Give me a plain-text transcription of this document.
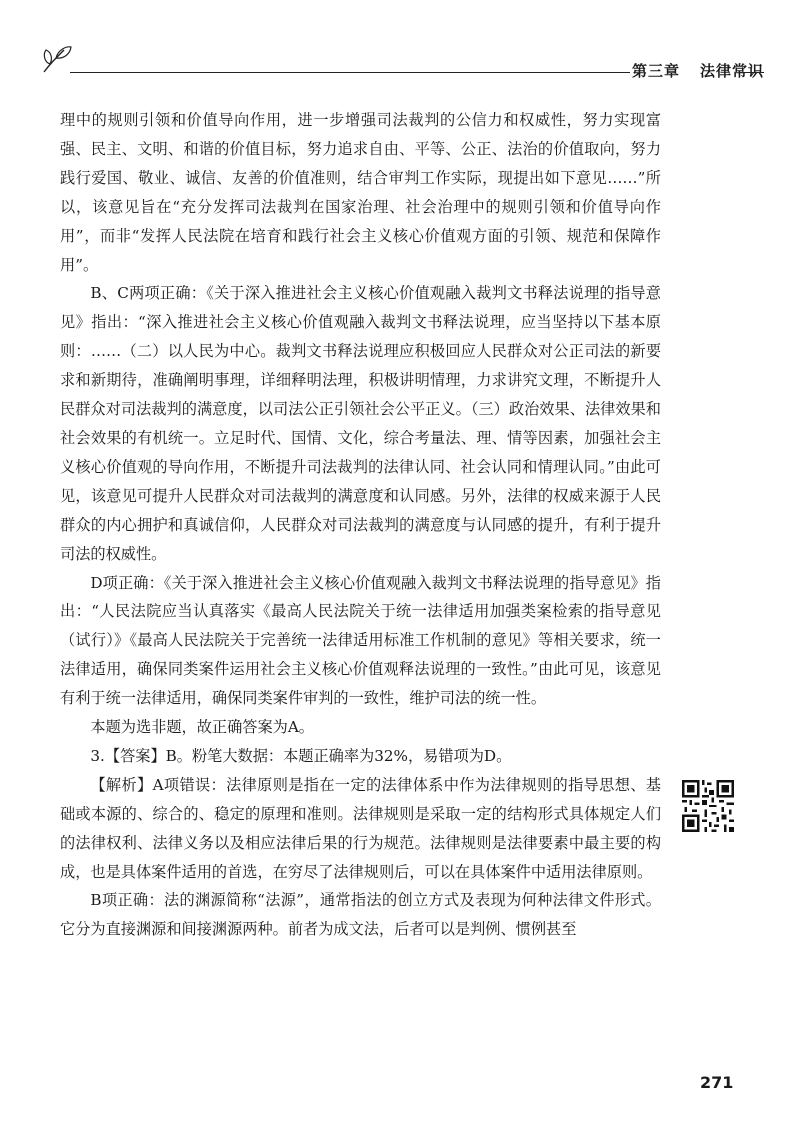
第三章 法律常识

理中的规则引领和价值导向作用，进一步增强司法裁判的公信力和权威性，努力实现富强、民主、文明、和谐的价值目标，努力追求自由、平等、公正、法治的价值取向，努力践行爱国、敬业、诚信、友善的价值准则，结合审判工作实际，现提出如下意见……”所以，该意见旨在“充分发挥司法裁判在国家治理、社会治理中的规则引领和价值导向作用”，而非“发挥人民法院在培育和践行社会主义核心价值观方面的引领、规范和保障作用”。

B、C两项正确：《关于深入推进社会主义核心价值观融入裁判文书释法说理的指导意见》指出：“深入推进社会主义核心价值观融入裁判文书释法说理，应当坚持以下基本原则：……（二）以人民为中心。裁判文书释法说理应积极回应人民群众对公正司法的新要求和新期待，准确阐明事理，详细释明法理，积极讲明情理，力求讲究文理，不断提升人民群众对司法裁判的满意度，以司法公正引领社会公平正义。（三）政治效果、法律效果和社会效果的有机统一。立足时代、国情、文化，综合考量法、理、情等因素，加强社会主义核心价值观的导向作用，不断提升司法裁判的法律认同、社会认同和情理认同。”由此可见，该意见可提升人民群众对司法裁判的满意度和认同感。另外，法律的权威来源于人民群众的内心拥护和真诚信仰，人民群众对司法裁判的满意度与认同感的提升，有利于提升司法的权威性。

D项正确：《关于深入推进社会主义核心价值观融入裁判文书释法说理的指导意见》指出：“人民法院应当认真落实《最高人民法院关于统一法律适用加强类案检索的指导意见（试行）》《最高人民法院关于完善统一法律适用标准工作机制的意见》等相关要求，统一法律适用，确保同类案件运用社会主义核心价值观释法说理的一致性。”由此可见，该意见有利于统一法律适用，确保同类案件审判的一致性，维护司法的统一性。

本题为选非题，故正确答案为A。

3.【答案】B。粉笔大数据：本题正确率为32%，易错项为D。

【解析】A项错误：法律原则是指在一定的法律体系中作为法律规则的指导思想、基础或本源的、综合的、稳定的原理和准则。法律规则是采取一定的结构形式具体规定人们的法律权利、法律义务以及相应法律后果的行为规范。法律规则是法律要素中最主要的构成，也是具体案件适用的首选，在穷尽了法律规则后，可以在具体案件中适用法律原则。

B项正确：法的渊源简称“法源”，通常指法的创立方式及表现为何种法律文件形式。它分为直接渊源和间接渊源两种。前者为成文法，后者可以是判例、惯例甚至

271
